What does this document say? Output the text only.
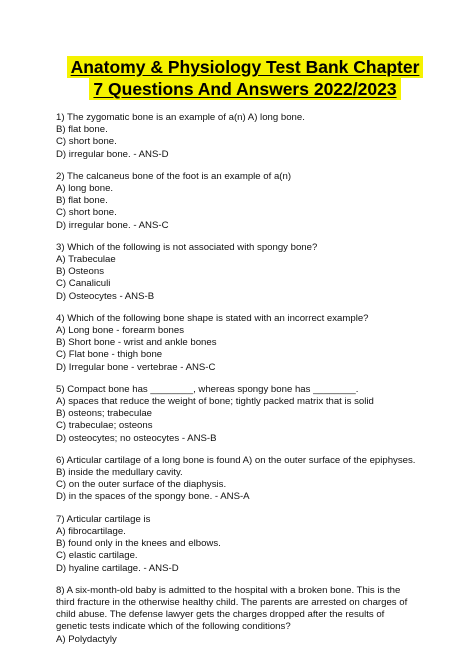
Anatomy & Physiology Test Bank Chapter
7 Questions And Answers 2022/2023
1) The zygomatic bone is an example of a(n) A) long bone.
B) flat bone.
C) short bone.
D) irregular bone. - ANS-D
2) The calcaneus bone of the foot is an example of a(n)
A) long bone.
B) flat bone.
C) short bone.
D) irregular bone. - ANS-C
3) Which of the following is not associated with spongy bone?
A) Trabeculae
B) Osteons
C) Canaliculi
D) Osteocytes - ANS-B
4) Which of the following bone shape is stated with an incorrect example?
A) Long bone - forearm bones
B) Short bone - wrist and ankle bones
C) Flat bone - thigh bone
D) Irregular bone - vertebrae - ANS-C
5) Compact bone has ________, whereas spongy bone has ________.
A) spaces that reduce the weight of bone; tightly packed matrix that is solid
B) osteons; trabeculae
C) trabeculae; osteons
D) osteocytes; no osteocytes - ANS-B
6) Articular cartilage of a long bone is found A) on the outer surface of the epiphyses.
B) inside the medullary cavity.
C) on the outer surface of the diaphysis.
D) in the spaces of the spongy bone. - ANS-A
7) Articular cartilage is
A) fibrocartilage.
B) found only in the knees and elbows.
C) elastic cartilage.
D) hyaline cartilage. - ANS-D
8) A six-month-old baby is admitted to the hospital with a broken bone. This is the
third fracture in the otherwise healthy child. The parents are arrested on charges of
child abuse. The defense lawyer gets the charges dropped after the results of
genetic tests indicate which of the following conditions?
A) Polydactyly
